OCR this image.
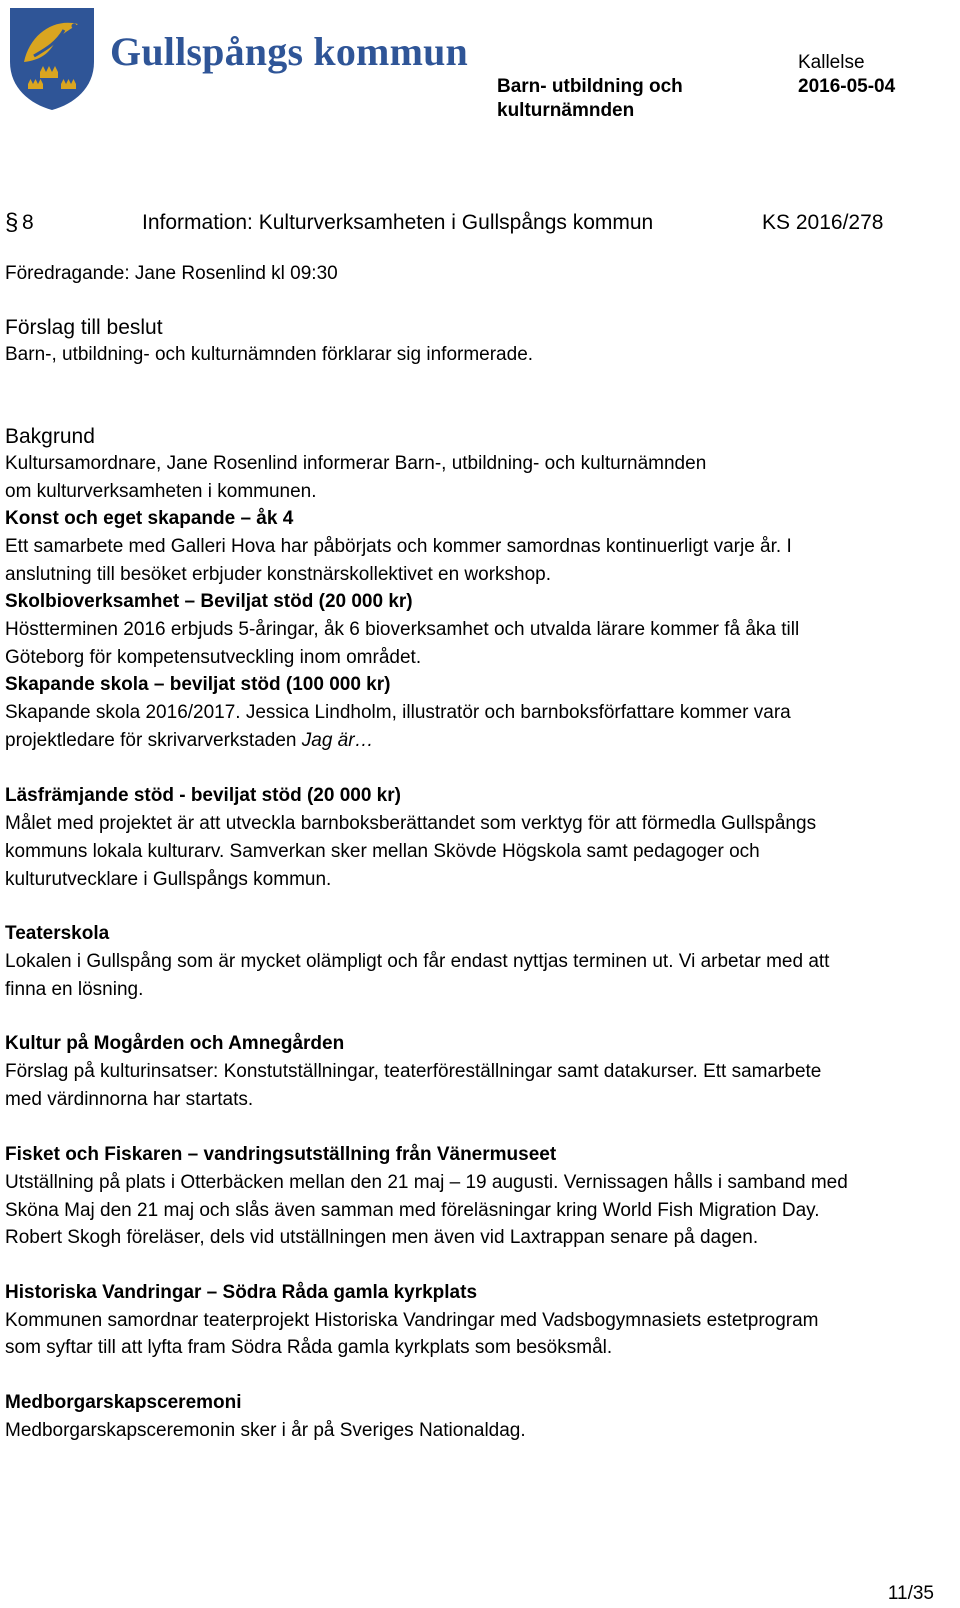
Gullspångs kommun
Barn- utbildning och
kulturnämnden
Kallelse
2016-05-04
§ 8	Information: Kulturverksamheten i Gullspångs kommun	KS 2016/278
Föredragande: Jane Rosenlind kl 09:30
Förslag till beslut
Barn-, utbildning- och kulturnämnden förklarar sig informerade.
Bakgrund
Kultursamordnare, Jane Rosenlind informerar Barn-, utbildning- och kulturnämnden
om kulturverksamheten i kommunen.
Konst och eget skapande – åk 4
Ett samarbete med Galleri Hova har påbörjats och kommer samordnas kontinuerligt varje år. I
anslutning till besöket erbjuder konstnärskollektivet en workshop.
Skolbioverksamhet – Beviljat stöd (20 000 kr)
Höstterminen 2016 erbjuds 5-åringar, åk 6 bioverksamhet och utvalda lärare kommer få åka till
Göteborg för kompetensutveckling inom området.
Skapande skola – beviljat stöd (100 000 kr)
Skapande skola 2016/2017. Jessica Lindholm, illustratör och barnboksförfattare kommer vara
projektledare för skrivarverkstaden Jag är…
Läsfrämjande stöd - beviljat stöd (20 000 kr)
Målet med projektet är att utveckla barnboksberättandet som verktyg för att förmedla Gullspångs
kommuns lokala kulturarv. Samverkan sker mellan Skövde Högskola samt pedagoger och
kulturutvecklare i Gullspångs kommun.
Teaterskola
Lokalen i Gullspång som är mycket olämpligt och får endast nyttjas terminen ut. Vi arbetar med att
finna en lösning.
Kultur på Mogården och Amnegården
Förslag på kulturinsatser: Konstutställningar, teaterföreställningar samt datakurser. Ett samarbete
med värdinnorna har startats.
Fisket och Fiskaren – vandringsutställning från Vänermuseet
Utställning på plats i Otterbäcken mellan den 21 maj – 19 augusti. Vernissagen hålls i samband med
Sköna Maj den 21 maj och slås även samman med föreläsningar kring World Fish Migration Day.
Robert Skogh föreläser, dels vid utställningen men även vid Laxtrappan senare på dagen.
Historiska Vandringar – Södra Råda gamla kyrkplats
Kommunen samordnar teaterprojekt Historiska Vandringar med Vadsbogymnasiets estetprogram
som syftar till att lyfta fram Södra Råda gamla kyrkplats som besöksmål.
Medborgarskapsceremoni
Medborgarskapsceremonin sker i år på Sveriges Nationaldag.
11/35
